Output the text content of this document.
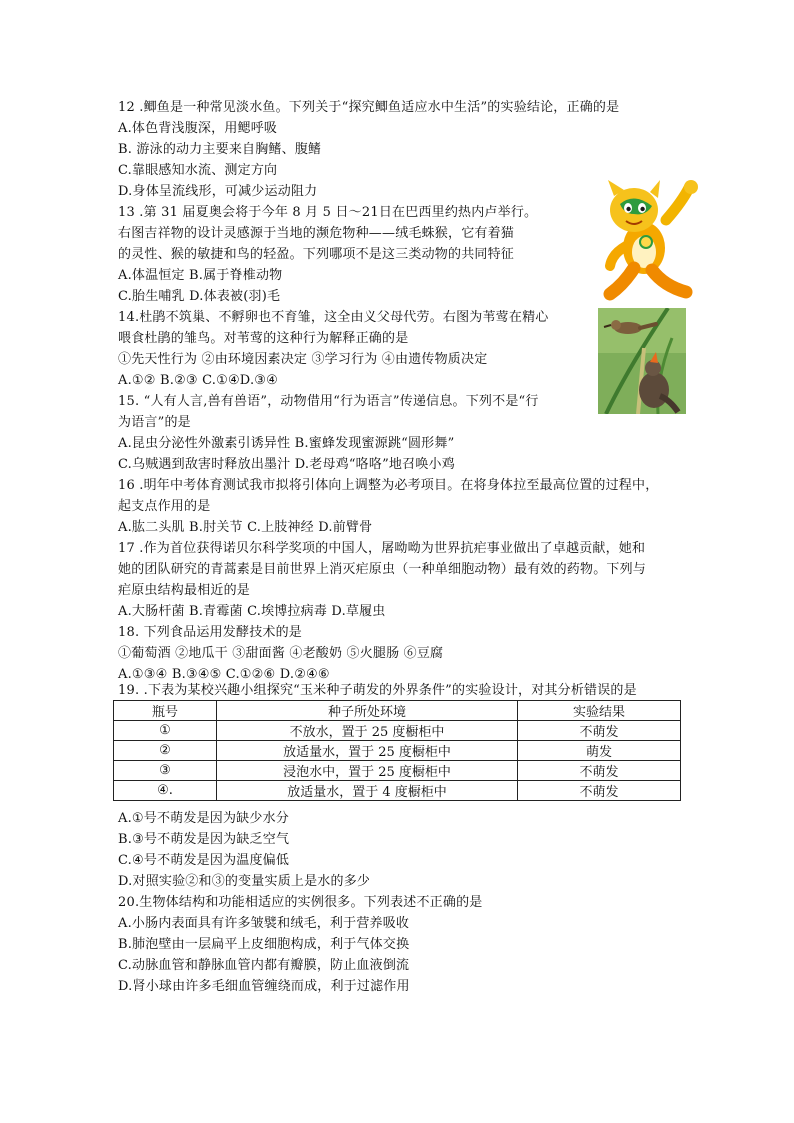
12 .鲫鱼是一种常见淡水鱼。下列关于“探究鲫鱼适应水中生活”的实验结论，正确的是
A.体色背浅腹深，用鳃呼吸
B. 游泳的动力主要来自胸鳍、腹鳍
C.靠眼感知水流、测定方向
D.身体呈流线形，可减少运动阻力
13 .第 31 届夏奥会将于今年 8 月 5 日～21日在巴西里约热内卢举行。
右图吉祥物的设计灵感源于当地的濒危物种——绒毛蛛猴，它有着猫
的灵性、猴的敏捷和鸟的轻盈。下列哪项不是这三类动物的共同特征
A.体温恒定 B.属于脊椎动物
C.胎生哺乳 D.体表被(羽)毛
14.杜鹃不筑巢、不孵卵也不育雏，这全由义父母代劳。右图为苇莺在精心
喂食杜鹃的雏鸟。对苇莺的这种行为解释正确的是
①先天性行为 ②由环境因素决定 ③学习行为 ④由遗传物质决定
A.①② B.②③ C.①④D.③④
15. “人有人言,兽有兽语”，动物借用“行为语言”传递信息。下列不是“行
为语言”的是
A.昆虫分泌性外激素引诱异性 B.蜜蜂发现蜜源跳“圆形舞”
C.乌贼遇到敌害时释放出墨汁 D.老母鸡“咯咯”地召唤小鸡
16 .明年中考体育测试我市拟将引体向上调整为必考项目。在将身体拉至最高位置的过程中，
起支点作用的是
A.肱二头肌 B.肘关节 C.上肢神经 D.前臂骨
17 .作为首位获得诺贝尔科学奖项的中国人，屠呦呦为世界抗疟事业做出了卓越贡献，她和
她的团队研究的青蒿素是目前世界上消灭疟原虫（一种单细胞动物）最有效的药物。下列与
疟原虫结构最相近的是
A.大肠杆菌 B.青霉菌 C.埃博拉病毒 D.草履虫
18. 下列食品运用发酵技术的是
①葡萄酒 ②地瓜干 ③甜面酱 ④老酸奶 ⑤火腿肠 ⑥豆腐
A.①③④ B.③④⑤ C.①②⑥ D.②④⑥
19. .下表为某校兴趣小组探究“玉米种子萌发的外界条件”的实验设计，对其分析错误的是
瓶号	种子所处环境	实验结果
①	不放水，置于 25 度橱柜中	不萌发
②	放适量水，置于 25 度橱柜中	萌发
③	浸泡水中，置于 25 度橱柜中	不萌发
④.	放适量水，置于 4 度橱柜中	不萌发
A.①号不萌发是因为缺少水分
B.③号不萌发是因为缺乏空气
C.④号不萌发是因为温度偏低
D.对照实验②和③的变量实质上是水的多少
20.生物体结构和功能相适应的实例很多。下列表述不正确的是
A.小肠内表面具有许多皱襞和绒毛，利于营养吸收
B.肺泡壁由一层扁平上皮细胞构成，利于气体交换
C.动脉血管和静脉血管内都有瓣膜，防止血液倒流
D.肾小球由许多毛细血管缠绕而成，利于过滤作用
